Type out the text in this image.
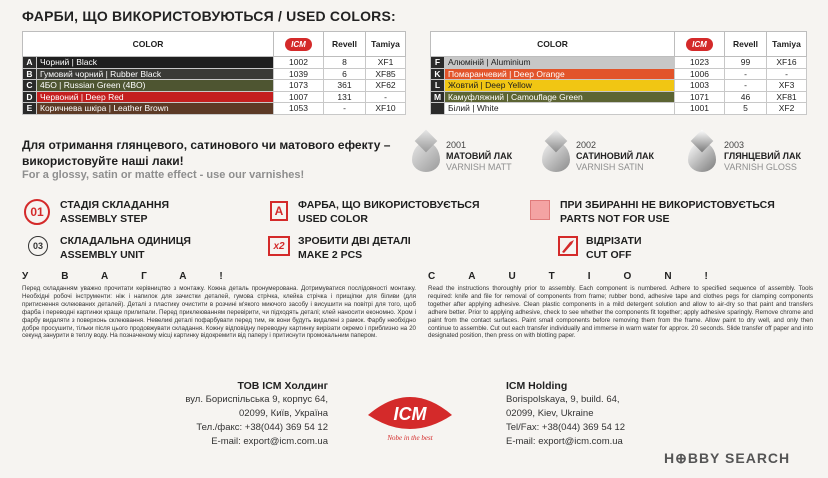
ФАРБИ, ЩО ВИКОРИСТОВУЮТЬСЯ / USED COLORS:
COLOR		ICM	Revell	Tamiya
A	Чорний | Black	1002	8	XF1
B	Гумовий чорний | Rubber Black	1039	6	XF85
C	4БО | Russian Green (4BO)	1073	361	XF62
D	Червоний | Deep Red	1007	131	-
E	Коричнева шкіра | Leather Brown	1053	-	XF10
COLOR		ICM	Revell	Tamiya
F	Алюміній | Aluminium	1023	99	XF16
K	Помаранчевий | Deep Orange	1006	-	-
L	Жовтий | Deep Yellow	1003	-	XF3
M	Камуфляжний | Camouflage Green	1071	46	XF81
	Білий | White	1001	5	XF2
Для отримання глянцевого, сатинового чи матового ефекту – використовуйте наші лаки!
For a glossy, satin or matte effect - use our varnishes!
2001
МАТОВИЙ ЛАК
VARNISH MATT
2002
САТИНОВИЙ ЛАК
VARNISH SATIN
2003
ГЛЯНЦЕВИЙ ЛАК
VARNISH GLOSS
01	СТАДІЯ СКЛАДАННЯ
ASSEMBLY STEP
03	СКЛАДАЛЬНА ОДИНИЦЯ
ASSEMBLY UNIT
A	ФАРБА, ЩО ВИКОРИСТОВУЄТЬСЯ
USED COLOR
x2	ЗРОБИТИ ДВІ ДЕТАЛІ
MAKE 2 PCS
ПРИ ЗБИРАННІ НЕ ВИКОРИСТОВУЄТЬСЯ
PARTS NOT FOR USE
ВІДРІЗАТИ
CUT OFF
УВАГА!
Перед складанням уважно прочитати керівництво з монтажу. Кожна деталь пронумерована. Дотримуватися послідовності монтажу. Необхідні робочі інструменти: ніж і напилок для зачистки деталей, гумова стрічка, клейка стрічка і прищіпки для біливи (для притиснення склеюваних деталей). Деталі з пластику очистити в розчині м'якого миючого засобу і висушити на повітрі для того, щоб фарба і переводні картинки краще прилипали. Перед приклеюванням перевірити, чи підходять деталі; клей наносити економно. Хром і фарбу видаляти з поверхонь склеювання. Невеликі деталі пофарбувати перед тим, як вони будуть видалені з рамок. Фарбу необхідно добре просушити, тільки після цього продовжувати складання. Кожну відповідну переводну картинку вирізати окремо і приблизно на 20 секунд занурити в теплу воду. На позначеному місці картинку відокремити від паперу і притиснути промокальним папером.
CAUTION!
Read the instructions thoroughly prior to assembly. Each component is numbered. Adhere to specified sequence of assembly. Tools required: knife and file for removal of components from frame; rubber bond, adhesive tape and clothes pegs for clamping components together after applying adhesive. Clean plastic components in a mild detergent solution and allow to air-dry so that paint and transfers adhere better. Prior to applying adhesive, check to see whether the components fit together; apply adhesive sparingly. Remove chrome and paint from the contact surfaces. Paint small components before removing them from the frame. Allow paint to dry well, and only then continue to assemble. Cut out each transfer individually and immerse in warm water for approx. 20 seconds. Slide transfer off paper and into designated position, then press on with blotting paper.
ТОВ ICM Холдинг
вул. Бориспільська 9, корпус 64,
02099, Київ, Україна
Тел./факс: +38(044) 369 54 12
E-mail: export@icm.com.ua
ICM
Nobe in the best
ICM Holding
Borispolskaya, 9, build. 64,
02099, Kiev, Ukraine
Tel/Fax: +38(044) 369 54 12
E-mail: export@icm.com.ua
H⊕BBY SEARCH
